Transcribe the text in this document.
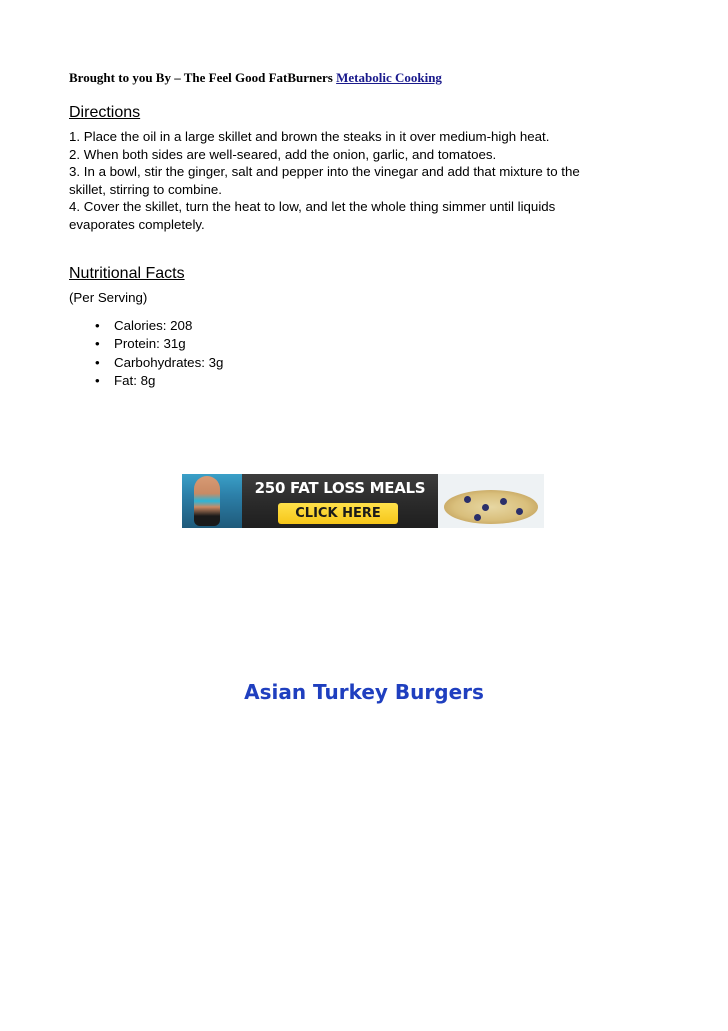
Brought to you By – The Feel Good FatBurners Metabolic Cooking
Directions
1. Place the oil in a large skillet and brown the steaks in it over medium-high heat.
2. When both sides are well-seared, add the onion, garlic, and tomatoes.
3. In a bowl, stir the ginger, salt and pepper into the vinegar and add that mixture to the
skillet, stirring to combine.
4. Cover the skillet, turn the heat to low, and let the whole thing simmer until liquids
evaporates completely.
Nutritional Facts
(Per Serving)
• Calories: 208
• Protein: 31g
• Carbohydrates: 3g
• Fat: 8g
250 FAT LOSS MEALS
CLICK HERE
Asian Turkey Burgers
